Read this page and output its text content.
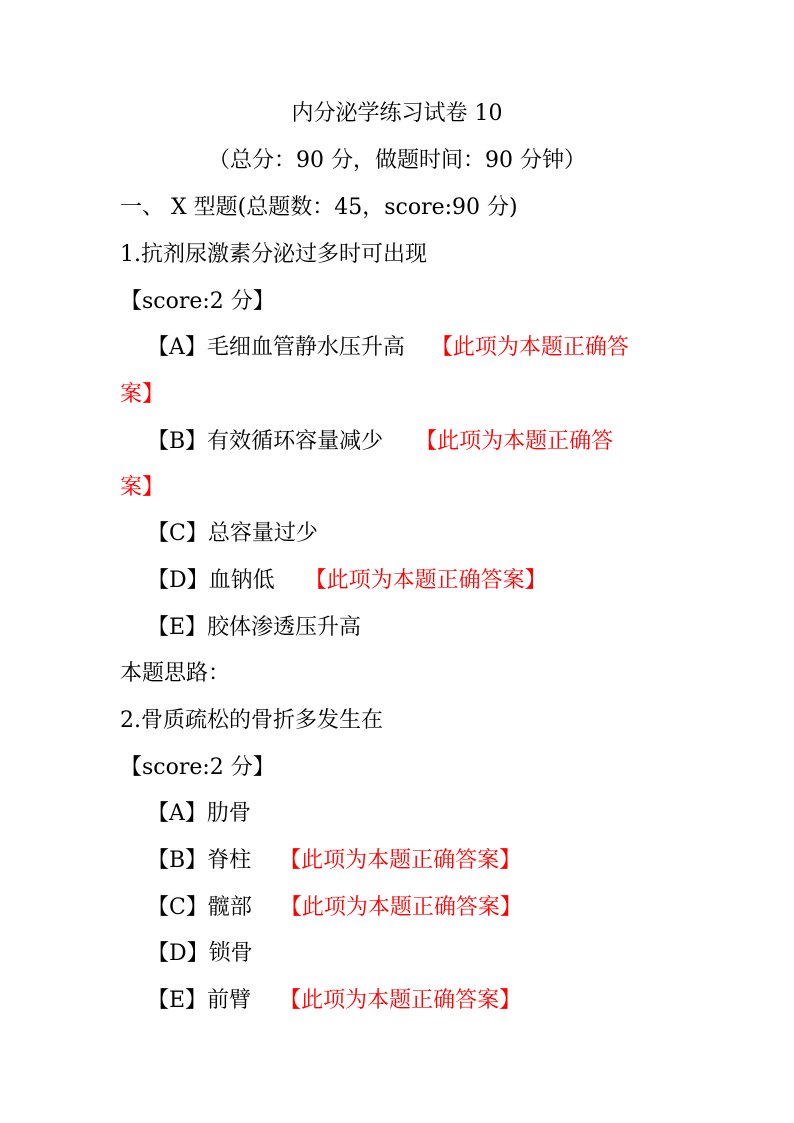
内分泌学练习试卷 10
（总分：90 分，做题时间：90 分钟）
一、 X 型题(总题数：45，score:90 分)
1.抗剂尿激素分泌过多时可出现
【score:2 分】
【A】毛细血管静水压升高 【此项为本题正确答
案】
【B】有效循环容量减少 【此项为本题正确答
案】
【C】总容量过少
【D】血钠低 【此项为本题正确答案】
【E】胶体渗透压升高
本题思路：
2.骨质疏松的骨折多发生在
【score:2 分】
【A】肋骨
【B】脊柱 【此项为本题正确答案】
【C】髋部 【此项为本题正确答案】
【D】锁骨
【E】前臂 【此项为本题正确答案】
